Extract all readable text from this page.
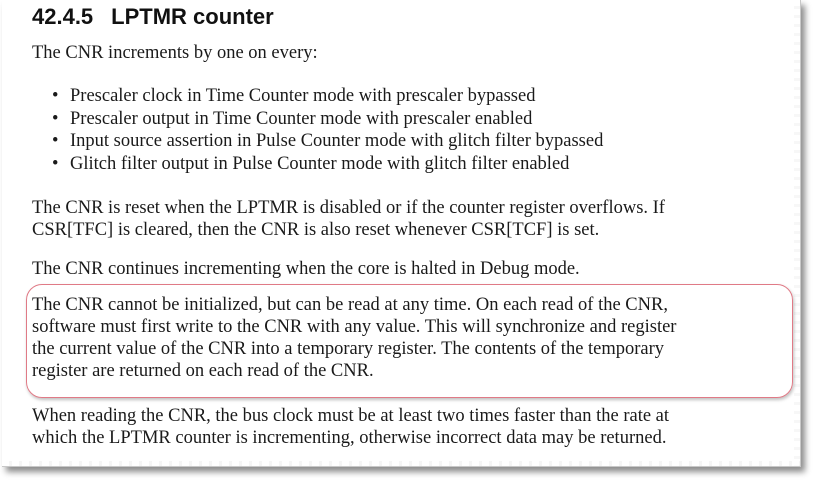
42.4.5 LPTMR counter

The CNR increments by one on every:

• Prescaler clock in Time Counter mode with prescaler bypassed
• Prescaler output in Time Counter mode with prescaler enabled
• Input source assertion in Pulse Counter mode with glitch filter bypassed
• Glitch filter output in Pulse Counter mode with glitch filter enabled
The CNR is reset when the LPTMR is disabled or if the counter register overflows. If
CSR[TFC] is cleared, then the CNR is also reset whenever CSR[TCF] is set.

The CNR continues incrementing when the core is halted in Debug mode.

The CNR cannot be initialized, but can be read at any time. On each read of the CNR,
software must first write to the CNR with any value. This will synchronize and register
the current value of the CNR into a temporary register. The contents of the temporary
register are returned on each read of the CNR.
When reading the CNR, the bus clock must be at least two times faster than the rate at
which the LPTMR counter is incrementing, otherwise incorrect data may be returned.
